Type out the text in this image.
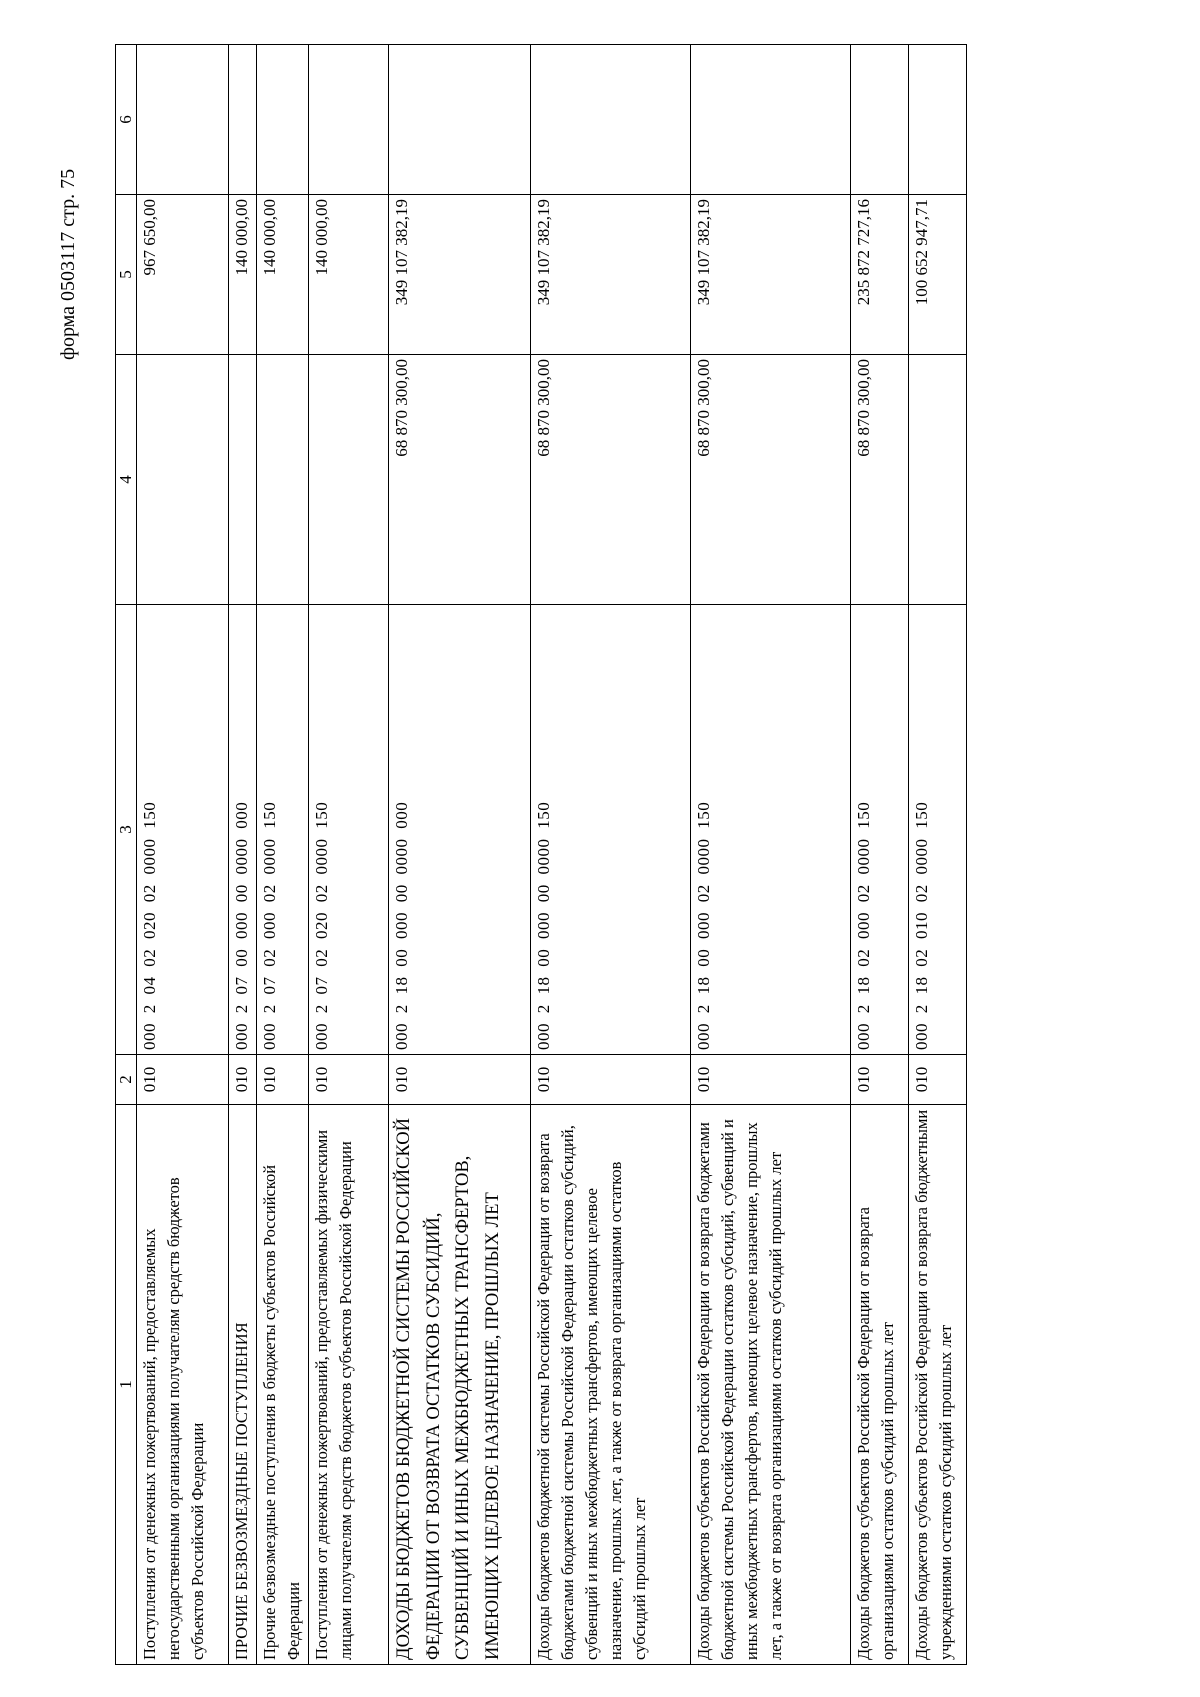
форма 0503117 стр. 75
1	2	3	4	5	6
Поступления от денежных пожертвований, предоставляемых негосударственными организациями получателям средств бюджетов субъектов Российской Федерации	010	000 2 04 02 020 02 0000 150		967 650,00	
ПРОЧИЕ БЕЗВОЗМЕЗДНЫЕ ПОСТУПЛЕНИЯ	010	000 2 07 00 000 00 0000 000		140 000,00	
Прочие безвозмездные поступления в бюджеты субъектов Российской Федерации	010	000 2 07 02 000 02 0000 150		140 000,00	
Поступления от денежных пожертвований, предоставляемых физическими лицами получателям средств бюджетов субъектов Российской Федерации	010	000 2 07 02 020 02 0000 150		140 000,00	
ДОХОДЫ БЮДЖЕТОВ БЮДЖЕТНОЙ СИСТЕМЫ РОССИЙСКОЙ ФЕДЕРАЦИИ ОТ ВОЗВРАТА ОСТАТКОВ СУБСИДИЙ, СУБВЕНЦИЙ И ИНЫХ МЕЖБЮДЖЕТНЫХ ТРАНСФЕРТОВ, ИМЕЮЩИХ ЦЕЛЕВОЕ НАЗНАЧЕНИЕ, ПРОШЛЫХ ЛЕТ	010	000 2 18 00 000 00 0000 000	68 870 300,00	349 107 382,19	
Доходы бюджетов бюджетной системы Российской Федерации от возврата бюджетами бюджетной системы Российской Федерации остатков субсидий, субвенций и иных межбюджетных трансфертов, имеющих целевое назначение, прошлых лет, а также от возврата организациями остатков субсидий прошлых лет	010	000 2 18 00 000 00 0000 150	68 870 300,00	349 107 382,19	
Доходы бюджетов субъектов Российской Федерации от возврата бюджетами бюджетной системы Российской Федерации остатков субсидий, субвенций и иных межбюджетных трансфертов, имеющих целевое назначение, прошлых лет, а также от возврата организациями остатков субсидий прошлых лет	010	000 2 18 00 000 02 0000 150	68 870 300,00	349 107 382,19	
Доходы бюджетов субъектов Российской Федерации от возврата организациями остатков субсидий прошлых лет	010	000 2 18 02 000 02 0000 150	68 870 300,00	235 872 727,16	
Доходы бюджетов субъектов Российской Федерации от возврата бюджетными учреждениями остатков субсидий прошлых лет	010	000 2 18 02 010 02 0000 150		100 652 947,71	
